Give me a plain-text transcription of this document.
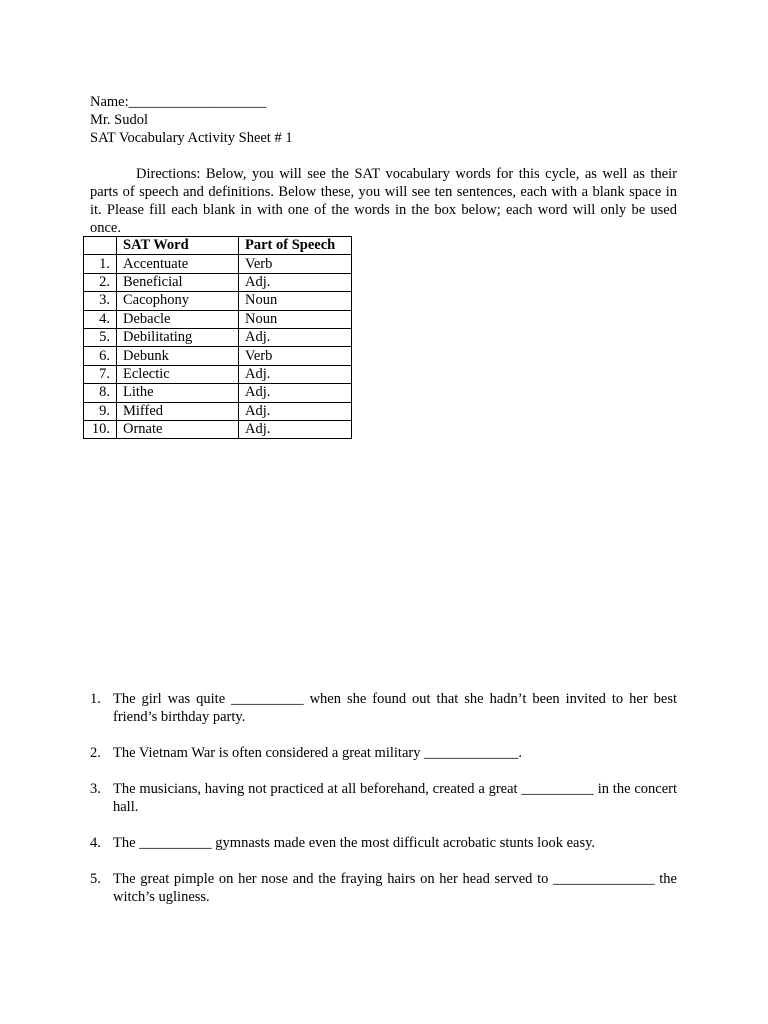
Name:___________________
Mr. Sudol
SAT Vocabulary Activity Sheet # 1
Directions: Below, you will see the SAT vocabulary words for this cycle, as well as their parts of speech and definitions. Below these, you will see ten sentences, each with a blank space in it. Please fill each blank in with one of the words in the box below; each word will only be used once.
	SAT Word	Part of Speech
1.	Accentuate	Verb
2.	Beneficial	Adj.
3.	Cacophony	Noun
4.	Debacle	Noun
5.	Debilitating	Adj.
6.	Debunk	Verb
7.	Eclectic	Adj.
8.	Lithe	Adj.
9.	Miffed	Adj.
10.	Ornate	Adj.
1. The girl was quite __________ when she found out that she hadn’t been invited to her best friend’s birthday party.
2. The Vietnam War is often considered a great military _____________.
3. The musicians, having not practiced at all beforehand, created a great __________ in the concert hall.
4. The __________ gymnasts made even the most difficult acrobatic stunts look easy.
5. The great pimple on her nose and the fraying hairs on her head served to ______________ the witch’s ugliness.
